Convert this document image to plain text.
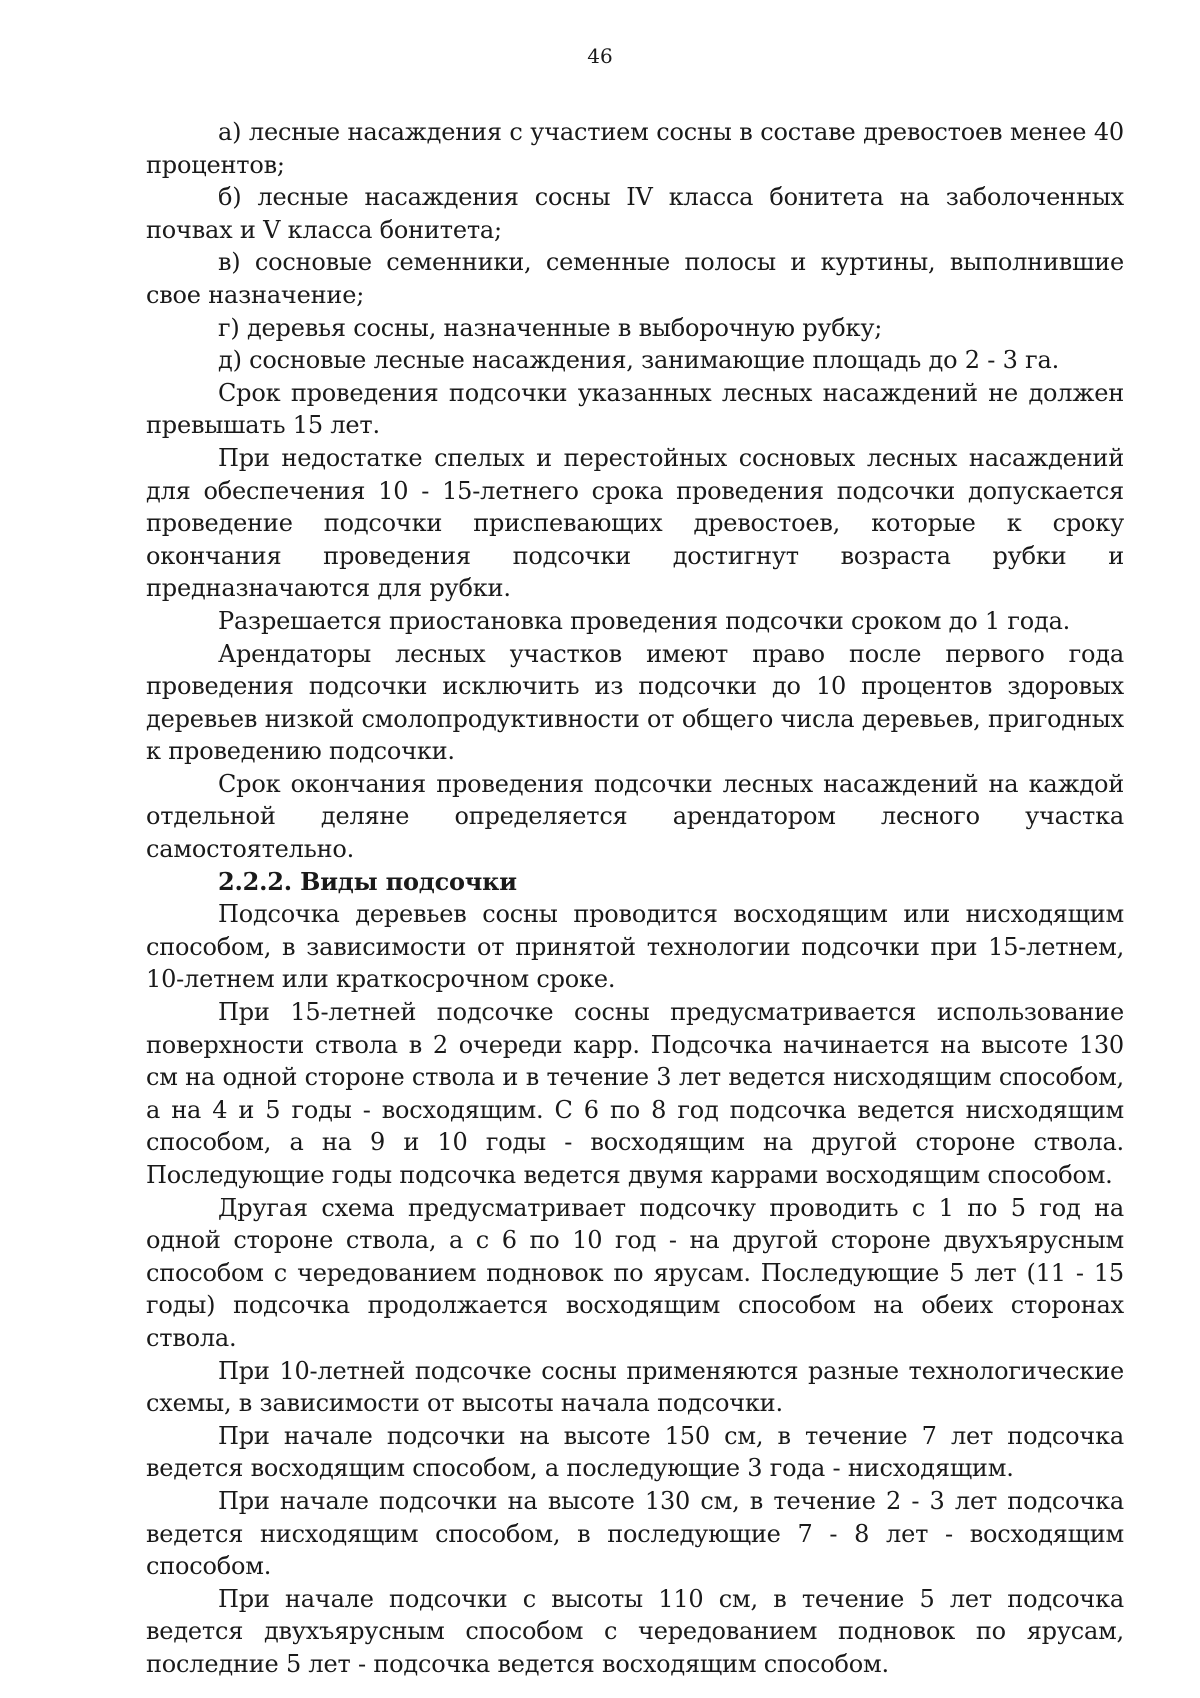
46

а) лесные насаждения с участием сосны в составе древостоев менее 40 процентов;

б) лесные насаждения сосны IV класса бонитета на заболоченных почвах и V класса бонитета;

в) сосновые семенники, семенные полосы и куртины, выполнившие свое назначение;

г) деревья сосны, назначенные в выборочную рубку;

д) сосновые лесные насаждения, занимающие площадь до 2 - 3 га.

Срок проведения подсочки указанных лесных насаждений не должен превышать 15 лет.

При недостатке спелых и перестойных сосновых лесных насаждений для обеспечения 10 - 15-летнего срока проведения подсочки допускается проведение подсочки приспевающих древостоев, которые к сроку окончания проведения подсочки достигнут возраста рубки и предназначаются для рубки.

Разрешается приостановка проведения подсочки сроком до 1 года.

Арендаторы лесных участков имеют право после первого года проведения подсочки исключить из подсочки до 10 процентов здоровых деревьев низкой смолопродуктивности от общего числа деревьев, пригодных к проведению подсочки.

Срок окончания проведения подсочки лесных насаждений на каждой отдельной деляне определяется арендатором лесного участка самостоятельно.

2.2.2. Виды подсочки

Подсочка деревьев сосны проводится восходящим или нисходящим способом, в зависимости от принятой технологии подсочки при 15-летнем, 10-летнем или краткосрочном сроке.

При 15-летней подсочке сосны предусматривается использование поверхности ствола в 2 очереди карр. Подсочка начинается на высоте 130 см на одной стороне ствола и в течение 3 лет ведется нисходящим способом, а на 4 и 5 годы - восходящим. С 6 по 8 год подсочка ведется нисходящим способом, а на 9 и 10 годы - восходящим на другой стороне ствола. Последующие годы подсочка ведется двумя каррами восходящим способом.

Другая схема предусматривает подсочку проводить с 1 по 5 год на одной стороне ствола, а с 6 по 10 год - на другой стороне двухъярусным способом с чередованием подновок по ярусам. Последующие 5 лет (11 - 15 годы) подсочка продолжается восходящим способом на обеих сторонах ствола.

При 10-летней подсочке сосны применяются разные технологические схемы, в зависимости от высоты начала подсочки.

При начале подсочки на высоте 150 см, в течение 7 лет подсочка ведется восходящим способом, а последующие 3 года - нисходящим.

При начале подсочки на высоте 130 см, в течение 2 - 3 лет подсочка ведется нисходящим способом, в последующие 7 - 8 лет - восходящим способом.

При начале подсочки с высоты 110 см, в течение 5 лет подсочка ведется двухъярусным способом с чередованием подновок по ярусам, последние 5 лет - подсочка ведется восходящим способом.
